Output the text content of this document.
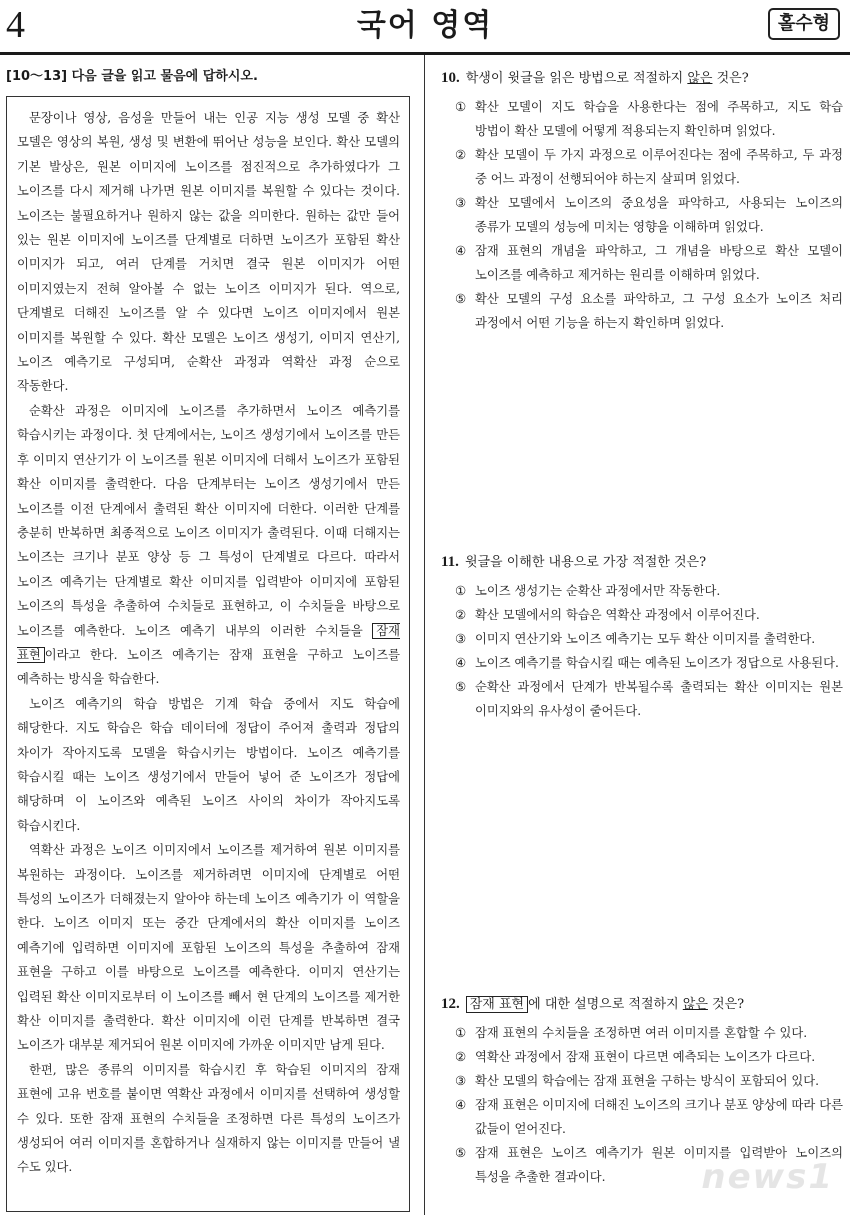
4	국어 영역	홀수형
[10～13] 다음 글을 읽고 물음에 답하시오.

문장이나 영상, 음성을 만들어 내는 인공 지능 생성 모델 중 확산 모델은 영상의 복원, 생성 및 변환에 뛰어난 성능을 보인다. 확산 모델의 기본 발상은, 원본 이미지에 노이즈를 점진적으로 추가하였다가 그 노이즈를 다시 제거해 나가면 원본 이미지를 복원할 수 있다는 것이다. 노이즈는 불필요하거나 원하지 않는 값을 의미한다. 원하는 값만 들어 있는 원본 이미지에 노이즈를 단계별로 더하면 노이즈가 포함된 확산 이미지가 되고, 여러 단계를 거치면 결국 원본 이미지가 어떤 이미지였는지 전혀 알아볼 수 없는 노이즈 이미지가 된다. 역으로, 단계별로 더해진 노이즈를 알 수 있다면 노이즈 이미지에서 원본 이미지를 복원할 수 있다. 확산 모델은 노이즈 생성기, 이미지 연산기, 노이즈 예측기로 구성되며, 순확산 과정과 역확산 과정 순으로 작동한다.

순확산 과정은 이미지에 노이즈를 추가하면서 노이즈 예측기를 학습시키는 과정이다. 첫 단계에서는, 노이즈 생성기에서 노이즈를 만든 후 이미지 연산기가 이 노이즈를 원본 이미지에 더해서 노이즈가 포함된 확산 이미지를 출력한다. 다음 단계부터는 노이즈 생성기에서 만든 노이즈를 이전 단계에서 출력된 확산 이미지에 더한다. 이러한 단계를 충분히 반복하면 최종적으로 노이즈 이미지가 출력된다. 이때 더해지는 노이즈는 크기나 분포 양상 등 그 특성이 단계별로 다르다. 따라서 노이즈 예측기는 단계별로 확산 이미지를 입력받아 이미지에 포함된 노이즈의 특성을 추출하여 수치들로 표현하고, 이 수치들을 바탕으로 노이즈를 예측한다. 노이즈 예측기 내부의 이러한 수치들을 잠재 표현 이라고 한다. 노이즈 예측기는 잠재 표현을 구하고 노이즈를 예측하는 방식을 학습한다.

노이즈 예측기의 학습 방법은 기계 학습 중에서 지도 학습에 해당한다. 지도 학습은 학습 데이터에 정답이 주어져 출력과 정답의 차이가 작아지도록 모델을 학습시키는 방법이다. 노이즈 예측기를 학습시킬 때는 노이즈 생성기에서 만들어 넣어 준 노이즈가 정답에 해당하며 이 노이즈와 예측된 노이즈 사이의 차이가 작아지도록 학습시킨다.

역확산 과정은 노이즈 이미지에서 노이즈를 제거하여 원본 이미지를 복원하는 과정이다. 노이즈를 제거하려면 이미지에 단계별로 어떤 특성의 노이즈가 더해졌는지 알아야 하는데 노이즈 예측기가 이 역할을 한다. 노이즈 이미지 또는 중간 단계에서의 확산 이미지를 노이즈 예측기에 입력하면 이미지에 포함된 노이즈의 특성을 추출하여 잠재 표현을 구하고 이를 바탕으로 노이즈를 예측한다. 이미지 연산기는 입력된 확산 이미지로부터 이 노이즈를 빼서 현 단계의 노이즈를 제거한 확산 이미지를 출력한다. 확산 이미지에 이런 단계를 반복하면 결국 노이즈가 대부분 제거되어 원본 이미지에 가까운 이미지만 남게 된다.

한편, 많은 종류의 이미지를 학습시킨 후 학습된 이미지의 잠재 표현에 고유 번호를 붙이면 역확산 과정에서 이미지를 선택하여 생성할 수 있다. 또한 잠재 표현의 수치들을 조정하면 다른 특성의 노이즈가 생성되어 여러 이미지를 혼합하거나 실재하지 않는 이미지를 만들어 낼 수도 있다.

10. 학생이 윗글을 읽은 방법으로 적절하지 않은 것은?
① 확산 모델이 지도 학습을 사용한다는 점에 주목하고, 지도 학습 방법이 확산 모델에 어떻게 적용되는지 확인하며 읽었다.
② 확산 모델이 두 가지 과정으로 이루어진다는 점에 주목하고, 두 과정 중 어느 과정이 선행되어야 하는지 살피며 읽었다.
③ 확산 모델에서 노이즈의 중요성을 파악하고, 사용되는 노이즈의 종류가 모델의 성능에 미치는 영향을 이해하며 읽었다.
④ 잠재 표현의 개념을 파악하고, 그 개념을 바탕으로 확산 모델이 노이즈를 예측하고 제거하는 원리를 이해하며 읽었다.
⑤ 확산 모델의 구성 요소를 파악하고, 그 구성 요소가 노이즈 처리 과정에서 어떤 기능을 하는지 확인하며 읽었다.
11. 윗글을 이해한 내용으로 가장 적절한 것은?
① 노이즈 생성기는 순확산 과정에서만 작동한다.
② 확산 모델에서의 학습은 역확산 과정에서 이루어진다.
③ 이미지 연산기와 노이즈 예측기는 모두 확산 이미지를 출력한다.
④ 노이즈 예측기를 학습시킬 때는 예측된 노이즈가 정답으로 사용된다.
⑤ 순확산 과정에서 단계가 반복될수록 출력되는 확산 이미지는 원본 이미지와의 유사성이 줄어든다.
12. 잠재 표현 에 대한 설명으로 적절하지 않은 것은?
① 잠재 표현의 수치들을 조정하면 여러 이미지를 혼합할 수 있다.
② 역확산 과정에서 잠재 표현이 다르면 예측되는 노이즈가 다르다.
③ 확산 모델의 학습에는 잠재 표현을 구하는 방식이 포함되어 있다.
④ 잠재 표현은 이미지에 더해진 노이즈의 크기나 분포 양상에 따라 다른 값들이 얻어진다.
⑤ 잠재 표현은 노이즈 예측기가 원본 이미지를 입력받아 노이즈의 특성을 추출한 결과이다.	news1
